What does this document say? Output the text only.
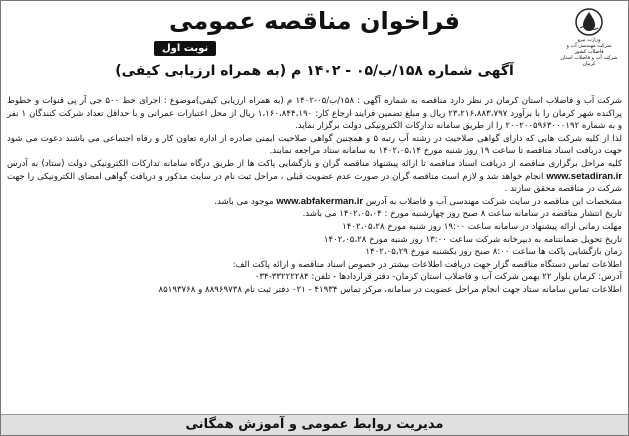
وزارت نیرو
شرکت مهندسی آب و فاضلاب کشور
شرکت آب و فاضلاب استان کرمان
فراخوان مناقصه عمومی
نوبت اول
آگهی شماره ۱۵۸/ب/۰۵ - ۱۴۰۲ م (به همراه ارزیابی کیفی)

شرکت آب و فاضلاب استان کرمان در نظر دارد مناقصه به شماره آگهی : ۱۵۸/ب/۰۵-۱۴۰۲ م (به همراه ارزیابی کیفی)موضوع : اجرای خط ۵۰۰ جی آر پی قنوات و خطوط پراکنده شهر کرمان را با برآورد ۲۳،۲۱۶،۸۸۳،۷۹۷ ریال و مبلغ تضمین فرایند ارجاع کار: ۱،۱۶۰،۸۴۴،۱۹۰ ریال از محل اعتبارات عمرانی و با حداقل تعداد شرکت کنندگان ۱ نفر و به شماره ۲۰۰۲۰۰۵۹۶۳۰۰۰۱۹۲ را از طریق سامانه تدارکات الکترونیکی دولت برگزار نماید.

لذا از کلیه شرکت هایی که دارای گواهی صلاحیت در رشته آب رتبه ۵ و همچنین گواهی صلاحیت ایمنی صادره از اداره تعاون کار و رفاه اجتماعی می باشند دعوت می شود جهت دریافت اسناد مناقصه تا ساعت ۱۹ روز شنبه مورخ ۱۴۰۲،۰۵،۱۴ به سامانه ستاد مراجعه نمایند.

کلیه مراحل برگزاری مناقصه از دریافت اسناد مناقصه تا ارائه پیشنهاد مناقصه گران و بازگشایی پاکت ها از طریق درگاه سامانه تدارکات الکترونیکی دولت (ستاد) به آدرس www.setadiran.ir انجام خواهد شد و لازم است مناقصه گران در صورت عدم عضویت قبلی ، مراحل ثبت نام در سایت مذکور و دریافت گواهی امضای الکترونیکی را جهت شرکت در مناقصه محقق سازند .

مشخصات این مناقصه در سایت شرکت مهندسی آب و فاضلاب به آدرس www.abfakerman.ir موجود می باشد.

تاریخ انتشار مناقصه در سامانه ساعت ۸ صبح روز چهارشنبه مورخ : ۱۴۰۲،۰۵،۰۴ می باشد.

مهلت زمانی ارائه پیشنهاد در سامانه ساعت ۱۹:۰۰ روز شنبه مورخ ۱۴۰۲،۰۵،۲۸

تاریخ تحویل ضمانتنامه به دبیرخانه شرکت ساعت ۱۳:۰۰ روز شنبه مورخ ۱۴۰۲،۰۵،۲۸

زمان بازگشایی پاکت ها ساعت ۸:۰۰ صبح روز یکشنبه مورخ ۱۴۰۲،۰۵،۲۹

اطلاعات تماس دستگاه مناقصه گزار جهت دریافت اطلاعات بیشتر در خصوص اسناد مناقصه و ارائه پاکت الف:

آدرس: کرمان بلوار ۲۲ بهمن شرکت آب و فاضلاب استان کرمان- دفتر قراردادها - تلفن: ۳۳۲۲۲۲۸۴-۰۳۴

اطلاعات تماس سامانه ستاد جهت انجام مراحل عضویت در سامانه، مرکز تماس ۴۱۹۳۴ - ۰۲۱ دفتر ثبت نام ۸۸۹۶۹۷۳۸ و ۸۵۱۹۳۷۶۸

مدیریت روابط عمومی و آموزش همگانی
